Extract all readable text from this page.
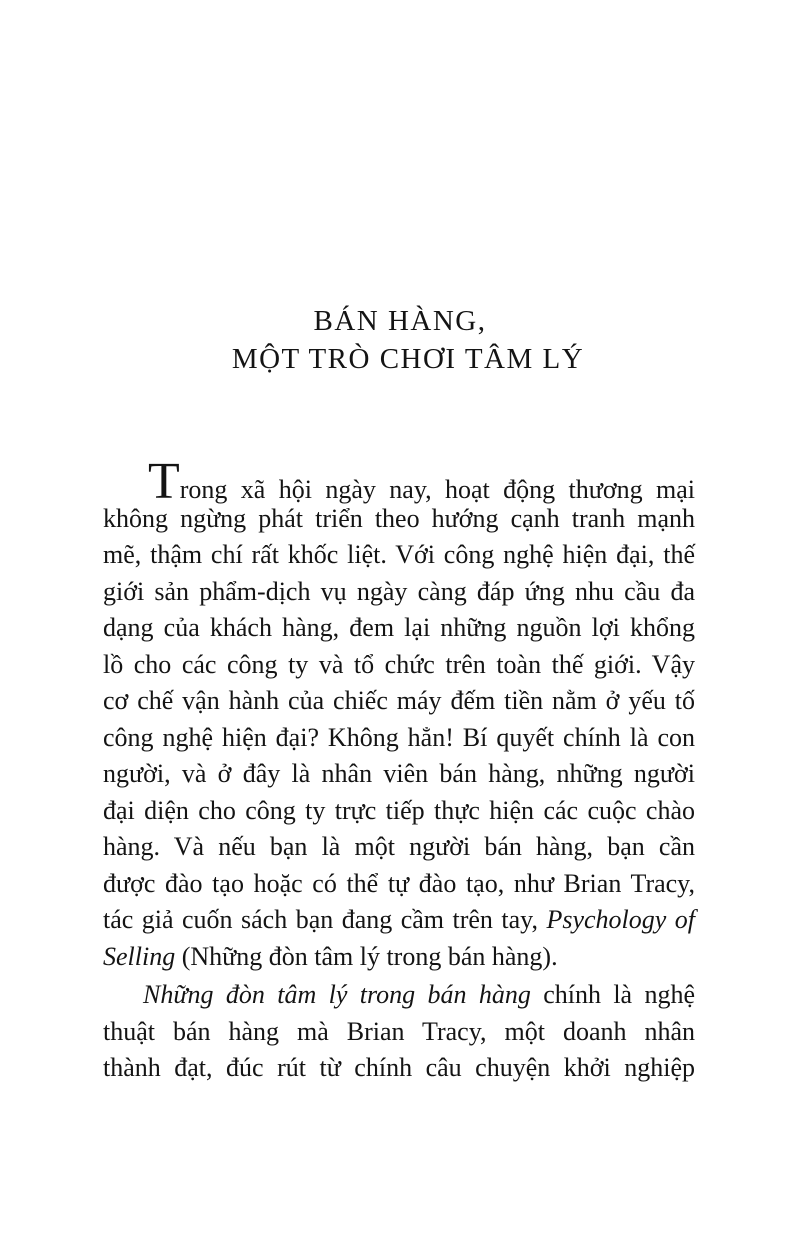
BÁN HÀNG,
MỘT TRÒ CHƠI TÂM LÝ
Trong xã hội ngày nay, hoạt động thương mại
không ngừng phát triển theo hướng cạnh tranh mạnh
mẽ, thậm chí rất khốc liệt. Với công nghệ hiện đại, thế
giới sản phẩm-dịch vụ ngày càng đáp ứng nhu cầu đa
dạng của khách hàng, đem lại những nguồn lợi khổng
lồ cho các công ty và tổ chức trên toàn thế giới. Vậy
cơ chế vận hành của chiếc máy đếm tiền nằm ở yếu tố
công nghệ hiện đại? Không hẳn! Bí quyết chính là con
người, và ở đây là nhân viên bán hàng, những người
đại diện cho công ty trực tiếp thực hiện các cuộc chào
hàng. Và nếu bạn là một người bán hàng, bạn cần
được đào tạo hoặc có thể tự đào tạo, như Brian Tracy,
tác giả cuốn sách bạn đang cầm trên tay, Psychology of
Selling (Những đòn tâm lý trong bán hàng).
Những đòn tâm lý trong bán hàng chính là nghệ
thuật bán hàng mà Brian Tracy, một doanh nhân
thành đạt, đúc rút từ chính câu chuyện khởi nghiệp
